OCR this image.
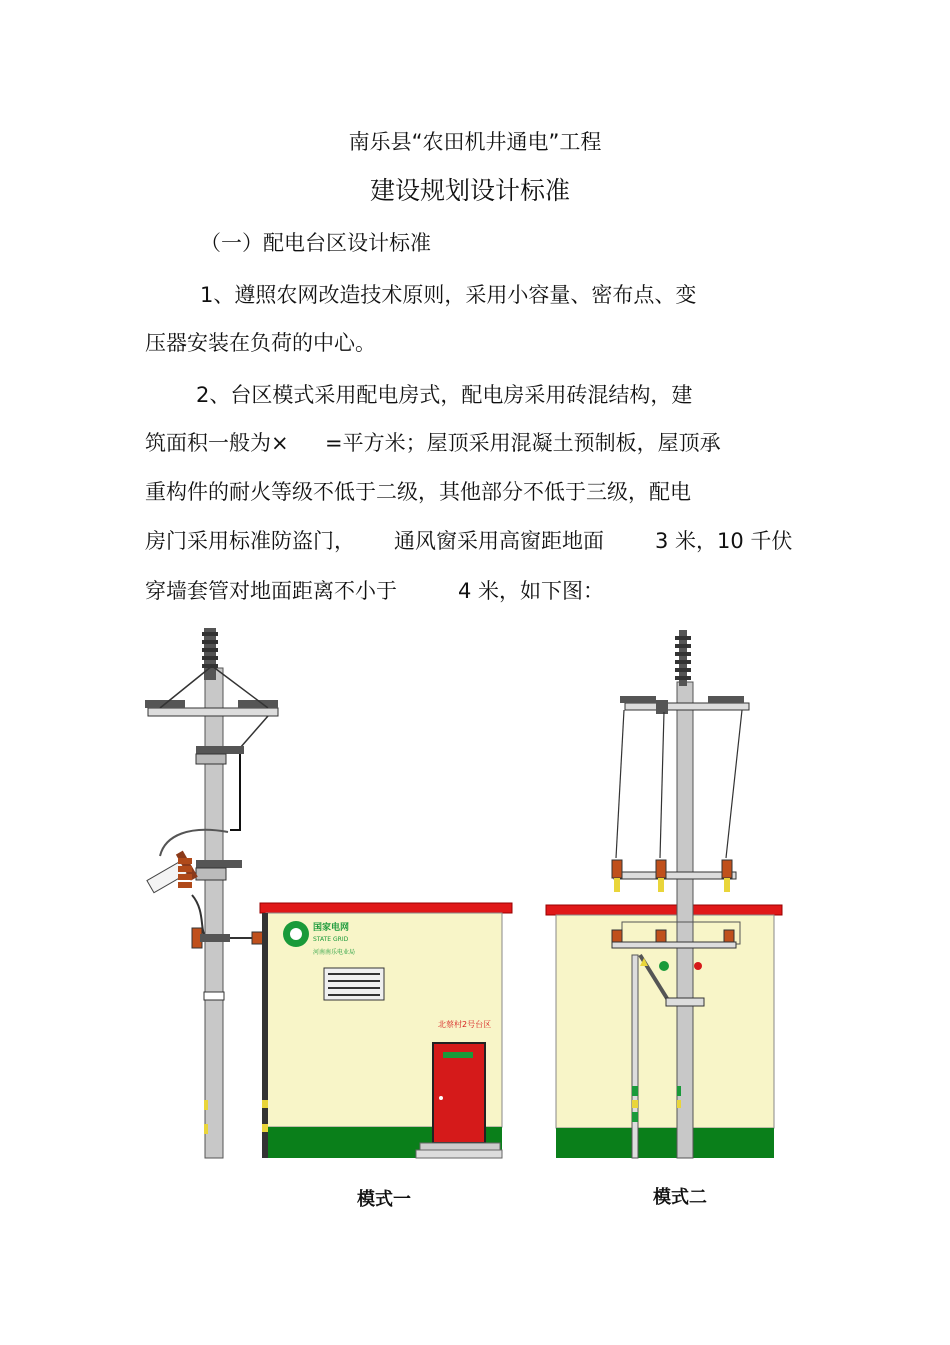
南乐县“农田机井通电”工程
建设规划设计标准
（一）配电台区设计标准
1、遵照农网改造技术原则，采用小容量、密布点、变
压器安装在负荷的中心。
2、台区模式采用配电房式，配电房采用砖混结构，建
筑面积一般为× =平方米；屋顶采用混凝土预制板，屋顶承
重构件的耐火等级不低于二级，其他部分不低于三级，配电
房门采用标准防盗门， 通风窗采用高窗距地面 3 米，10 千伏
穿墙套管对地面距离不小于	4 米，如下图：
国家电网
STATE GRID
河南南乐电业局
北蔡村2号台区
模式一	模式二
